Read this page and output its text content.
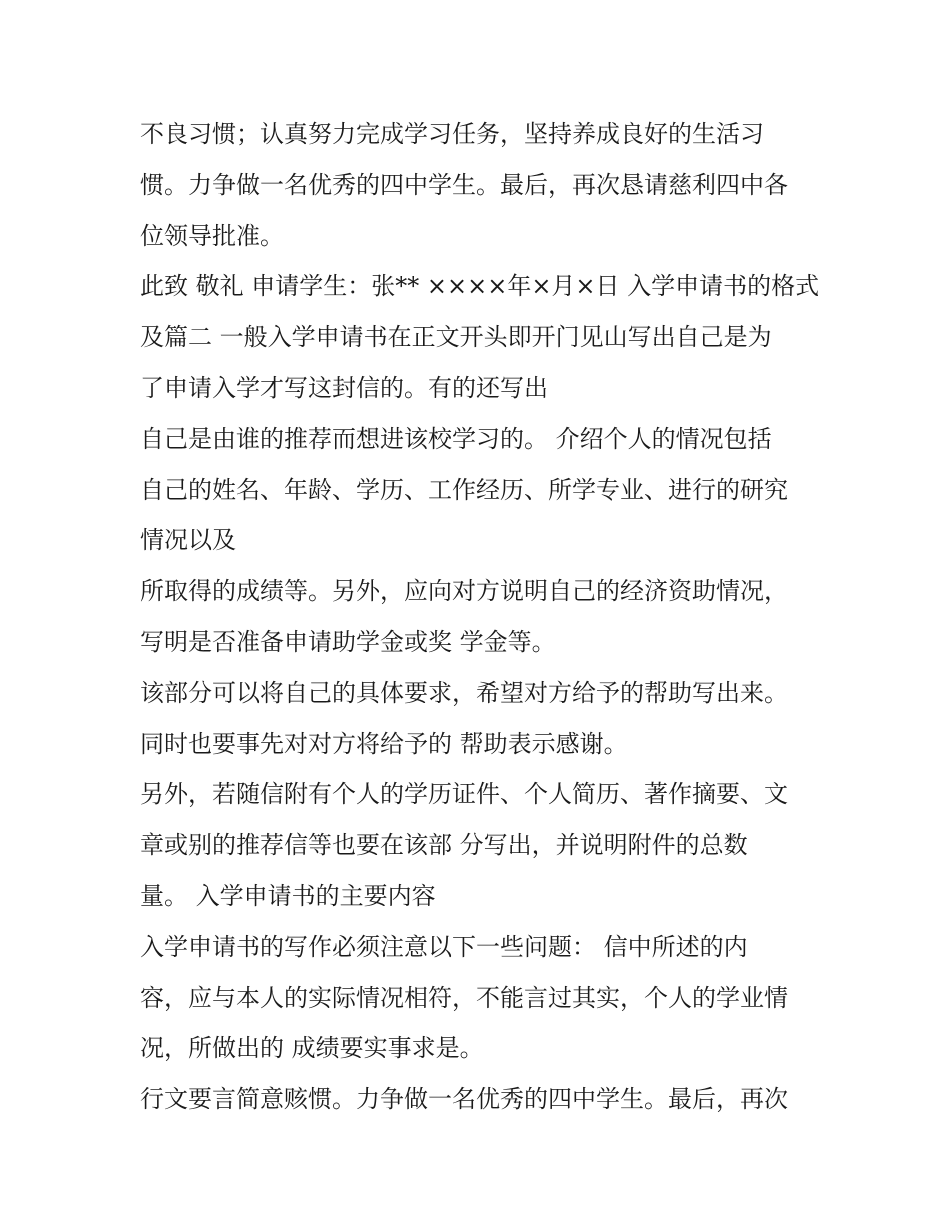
不良习惯；认真努力完成学习任务，坚持养成良好的生活习
惯。力争做一名优秀的四中学生。最后，再次恳请慈利四中各
位领导批准。
此致 敬礼 申请学生：张** ××××年×月×日 入学申请书的格式
及篇二 一般入学申请书在正文开头即开门见山写出自己是为
了申请入学才写这封信的。有的还写出
自己是由谁的推荐而想进该校学习的。 介绍个人的情况包括
自己的姓名、年龄、学历、工作经历、所学专业、进行的研究
情况以及
所取得的成绩等。另外，应向对方说明自己的经济资助情况，
写明是否准备申请助学金或奖 学金等。
该部分可以将自己的具体要求，希望对方给予的帮助写出来。
同时也要事先对对方将给予的 帮助表示感谢。
另外，若随信附有个人的学历证件、个人简历、著作摘要、文
章或别的推荐信等也要在该部 分写出，并说明附件的总数
量。 入学申请书的主要内容
入学申请书的写作必须注意以下一些问题： 信中所述的内
容，应与本人的实际情况相符，不能言过其实，个人的学业情
况，所做出的 成绩要实事求是。
行文要言简意赅惯。力争做一名优秀的四中学生。最后，再次
